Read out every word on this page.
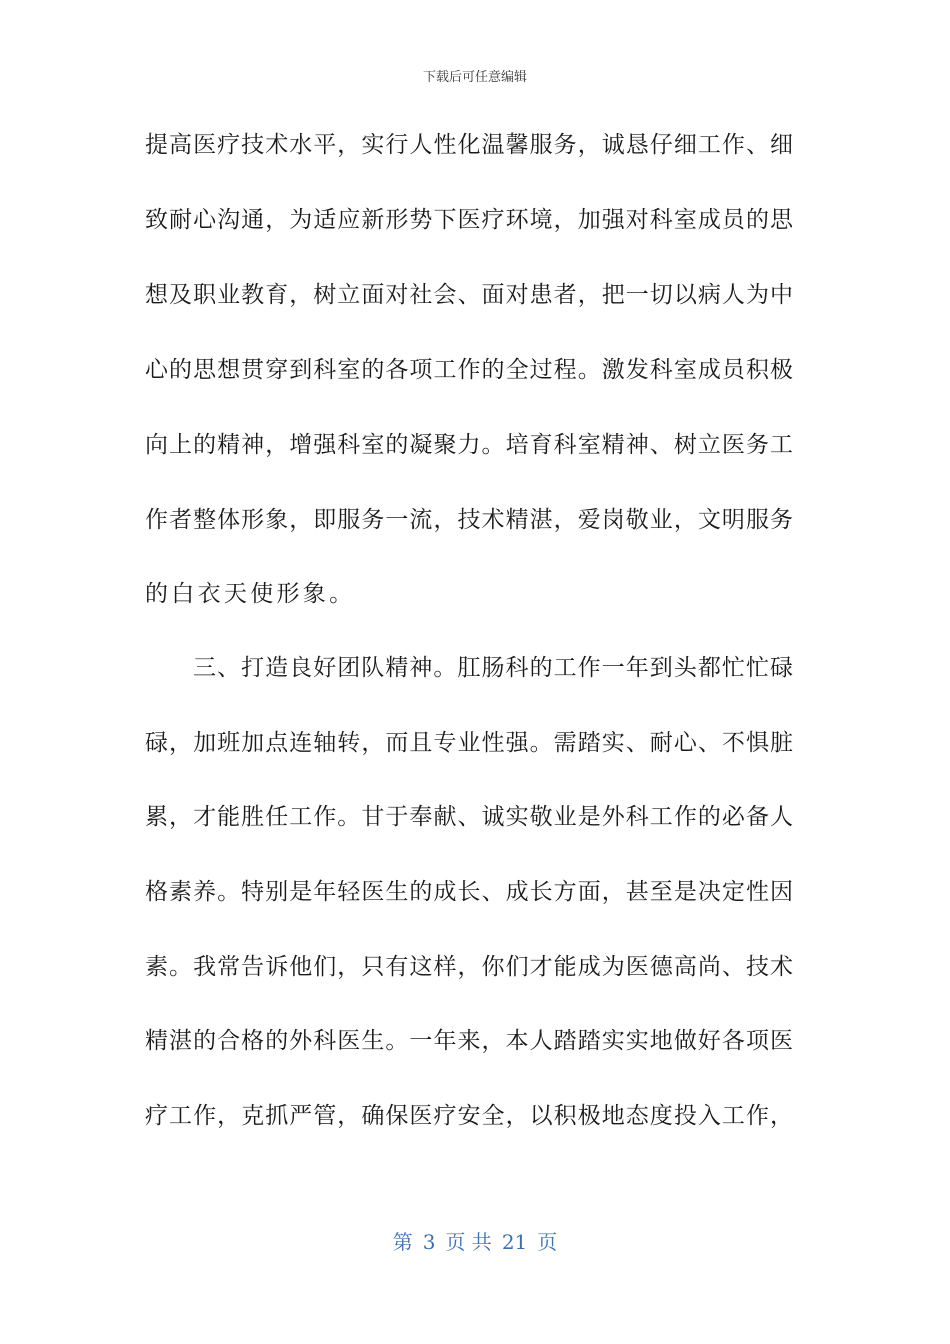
下载后可任意编辑
提高医疗技术水平，实行人性化温馨服务，诚恳仔细工作、细
致耐心沟通，为适应新形势下医疗环境，加强对科室成员的思
想及职业教育，树立面对社会、面对患者，把一切以病人为中
心的思想贯穿到科室的各项工作的全过程。激发科室成员积极
向上的精神，增强科室的凝聚力。培育科室精神、树立医务工
作者整体形象，即服务一流，技术精湛，爱岗敬业，文明服务
的白衣天使形象。
三、打造良好团队精神。肛肠科的工作一年到头都忙忙碌
碌，加班加点连轴转，而且专业性强。需踏实、耐心、不惧脏
累，才能胜任工作。甘于奉献、诚实敬业是外科工作的必备人
格素养。特别是年轻医生的成长、成长方面，甚至是决定性因
素。我常告诉他们，只有这样，你们才能成为医德高尚、技术
精湛的合格的外科医生。一年来，本人踏踏实实地做好各项医
疗工作，克抓严管，确保医疗安全，以积极地态度投入工作，
第 3 页 共 21 页
